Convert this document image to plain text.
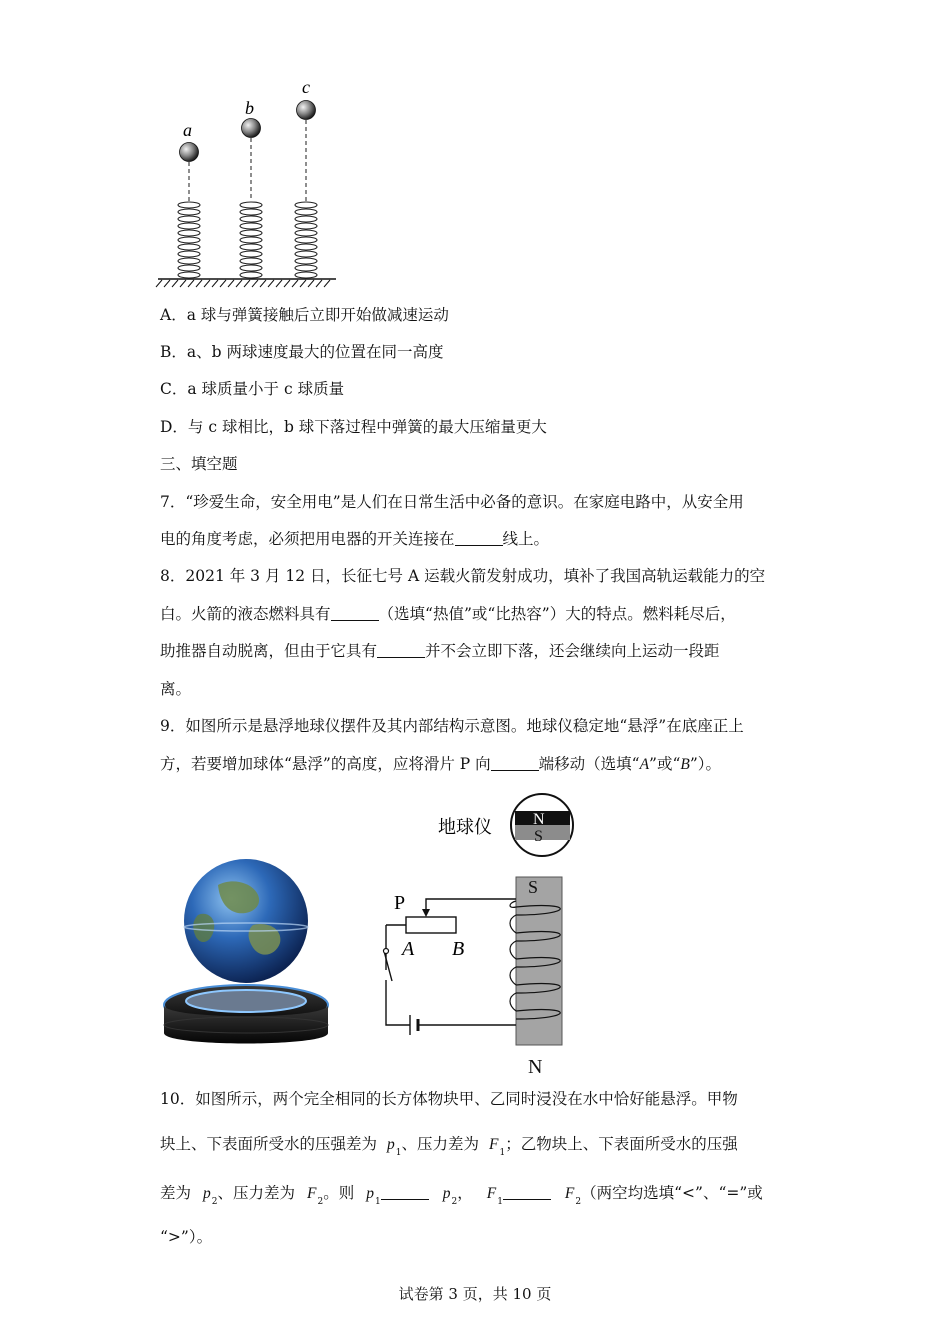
a
b
c
A．a 球与弹簧接触后立即开始做减速运动
B．a、b 两球速度最大的位置在同一高度
C．a 球质量小于 c 球质量
D．与 c 球相比，b 球下落过程中弹簧的最大压缩量更大
三、填空题
7．“珍爱生命，安全用电”是人们在日常生活中必备的意识。在家庭电路中，从安全用
电的角度考虑，必须把用电器的开关连接在	线上。
8．2021 年 3 月 12 日，长征七号 A 运载火箭发射成功，填补了我国高轨运载能力的空
白。火箭的液态燃料具有	（选填“热值”或“比热容”）大的特点。燃料耗尽后，
助推器自动脱离，但由于它具有	并不会立即下落，还会继续向上运动一段距
离。
9．如图所示是悬浮地球仪摆件及其内部结构示意图。地球仪稳定地“悬浮”在底座正上
方，若要增加球体“悬浮”的高度，应将滑片 P 向	端移动（选填“A”或“B”）。
地球仪	N
S
S
N
P
A B
10．如图所示，两个完全相同的长方体物块甲、乙同时浸没在水中恰好能悬浮。甲物
块上、下表面所受水的压强差为 $p_1$、压力差为 $F_1$；乙物块上、下表面所受水的压强
差为 $p_2$、压力差为 $F_2$。则 $p_1$	$p_2$， $F_1$	$F_2$（两空均选填“<”、“=”或
“>”）。
试卷第 3 页，共 10 页
